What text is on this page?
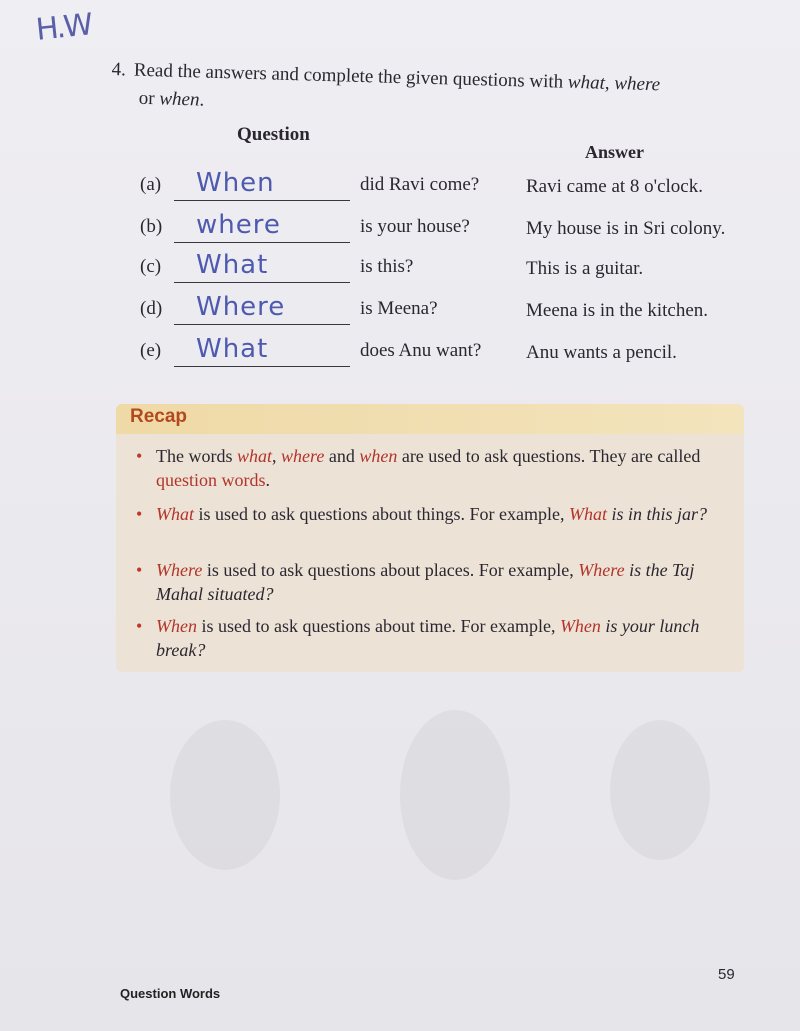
H.W
4. Read the answers and complete the given questions with what, where
or when.
Question
Answer
(a) When	did Ravi come? Ravi came at 8 o'clock.
(b) where	is your house?	My house is in Sri colony.
(c) What	is this?	This is a guitar.
(d) Where	is Meena?	Meena is in the kitchen.
(e) What	does Anu want? Anu wants a pencil.
Recap
• The words what, where and when are used to ask questions. They are called question words.
• What is used to ask questions about things. For example, What is in this jar?
• Where is used to ask questions about places. For example, Where is the Taj Mahal situated?
• When is used to ask questions about time. For example, When is your lunch break?
Question Words
59
